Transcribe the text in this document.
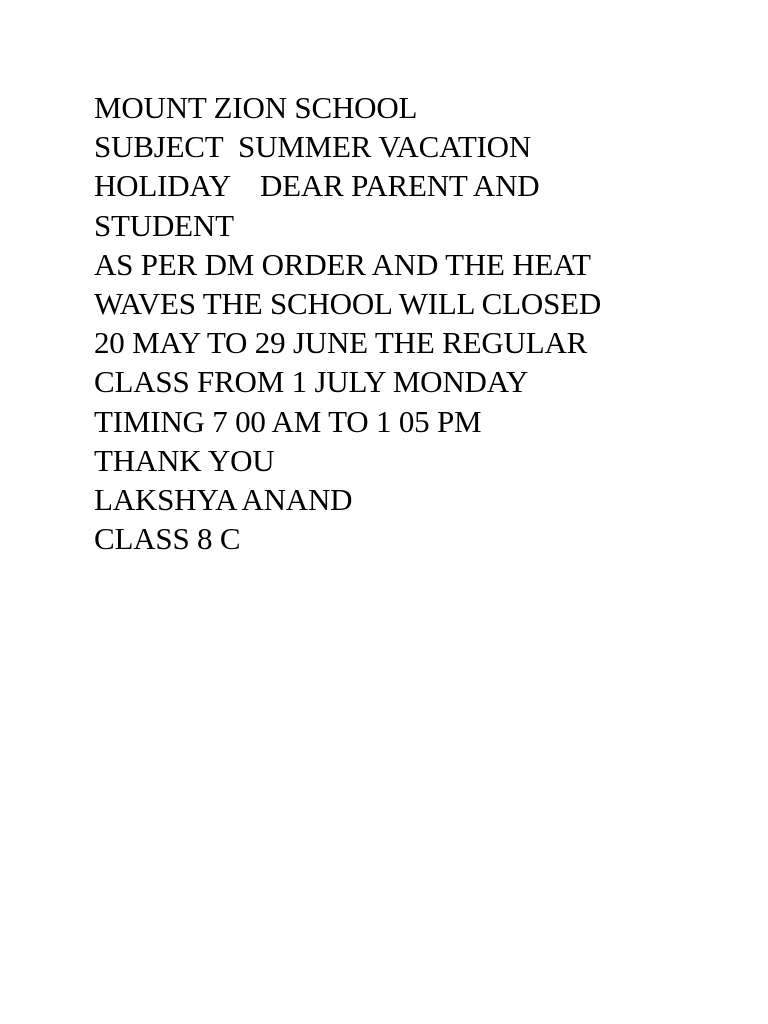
MOUNT ZION SCHOOL
SUBJECT  SUMMER VACATION
HOLIDAY    DEAR PARENT AND
STUDENT
AS PER DM ORDER AND THE HEAT
WAVES THE SCHOOL WILL CLOSED
20 MAY TO 29 JUNE THE REGULAR
CLASS FROM 1 JULY MONDAY
TIMING 7 00 AM TO 1 05 PM
THANK YOU
LAKSHYA ANAND
CLASS 8 C
